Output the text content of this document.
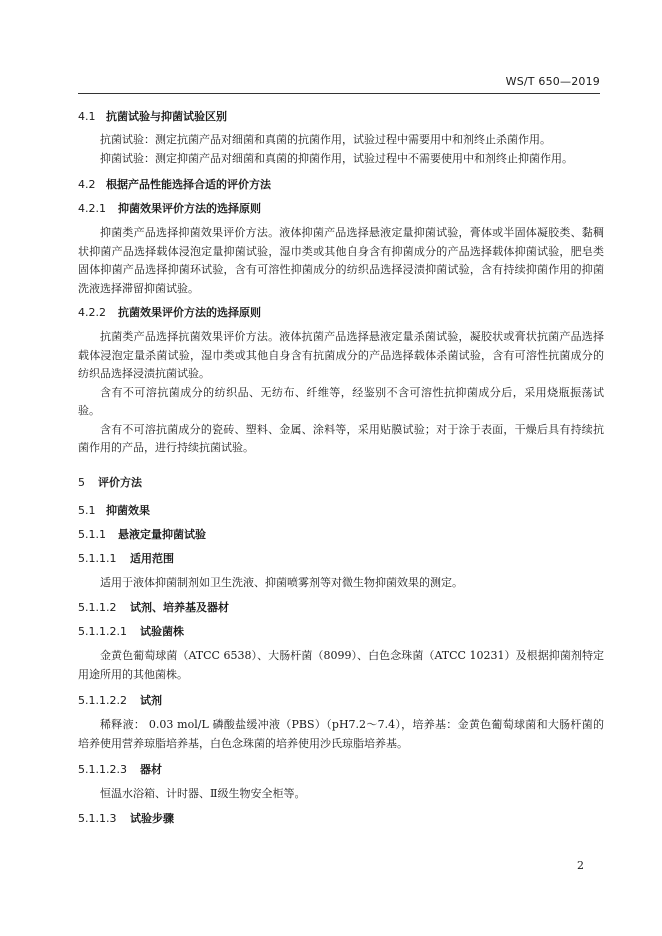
WS/T 650—2019
4.1 抗菌试验与抑菌试验区别

抗菌试验：测定抗菌产品对细菌和真菌的抗菌作用，试验过程中需要用中和剂终止杀菌作用。

抑菌试验：测定抑菌产品对细菌和真菌的抑菌作用，试验过程中不需要使用中和剂终止抑菌作用。

4.2 根据产品性能选择合适的评价方法
4.2.1 抑菌效果评价方法的选择原则

抑菌类产品选择抑菌效果评价方法。液体抑菌产品选择悬液定量抑菌试验，膏体或半固体凝胶类、黏稠状抑菌产品选择载体浸泡定量抑菌试验，湿巾类或其他自身含有抑菌成分的产品选择载体抑菌试验，肥皂类固体抑菌产品选择抑菌环试验，含有可溶性抑菌成分的纺织品选择浸渍抑菌试验，含有持续抑菌作用的抑菌洗液选择滞留抑菌试验。

4.2.2 抗菌效果评价方法的选择原则

抗菌类产品选择抗菌效果评价方法。液体抗菌产品选择悬液定量杀菌试验，凝胶状或膏状抗菌产品选择载体浸泡定量杀菌试验，湿巾类或其他自身含有抗菌成分的产品选择载体杀菌试验，含有可溶性抗菌成分的纺织品选择浸渍抗菌试验。

含有不可溶抗菌成分的纺织品、无纺布、纤维等，经鉴别不含可溶性抗抑菌成分后，采用烧瓶振荡试验。

含有不可溶抗菌成分的瓷砖、塑料、金属、涂料等，采用贴膜试验；对于涂于表面，干燥后具有持续抗菌作用的产品，进行持续抗菌试验。

5 评价方法
5.1 抑菌效果
5.1.1 悬液定量抑菌试验
5.1.1.1 适用范围

适用于液体抑菌制剂如卫生洗液、抑菌喷雾剂等对微生物抑菌效果的测定。

5.1.1.2 试剂、培养基及器材
5.1.1.2.1 试验菌株

金黄色葡萄球菌（ATCC 6538）、大肠杆菌（8099）、白色念珠菌（ATCC 10231）及根据抑菌剂特定用途所用的其他菌株。

5.1.1.2.2 试剂

稀释液： 0.03 mol/L 磷酸盐缓冲液（PBS）（pH7.2～7.4），培养基：金黄色葡萄球菌和大肠杆菌的培养使用营养琼脂培养基，白色念珠菌的培养使用沙氏琼脂培养基。

5.1.1.2.3 器材

恒温水浴箱、计时器、Ⅱ级生物安全柜等。

5.1.1.3 试验步骤
2
